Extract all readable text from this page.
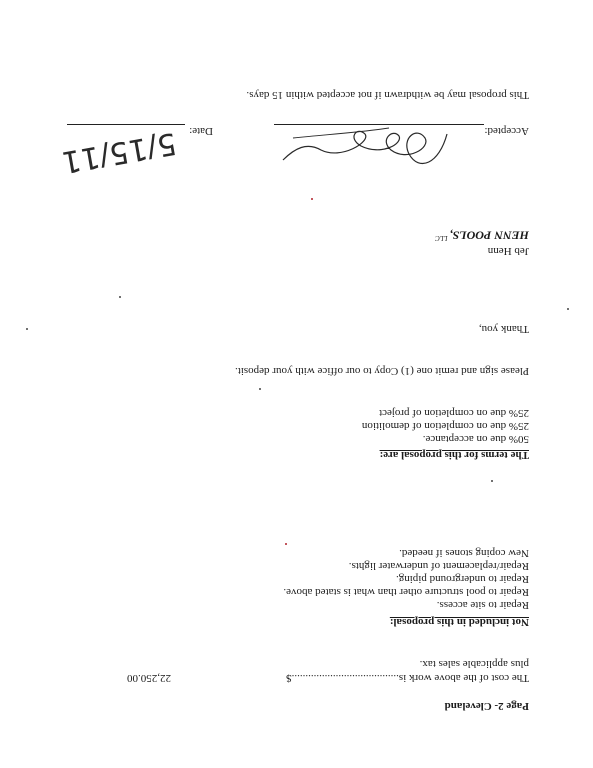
Page 2- Cleveland
The cost of the above work is.......................................$
22,250.00
plus applicable sales tax.
Not included in this proposal:
Repair to site access.
Repair to pool structure other than what is stated above.
Repair to underground piping.
Repair/replacement of underwater lights.
New coping stones if needed.
The terms for this proposal are:
50% due on acceptance.
25% due on completion of demolition
25% due on completion of project
Please sign and remit one (1) Copy to our office with your deposit.
Thank you,
Jeb Henn
HENN POOLS,$^{LLC}$
Accepted:
Date:
5/15/11
This proposal may be withdrawn if not accepted within 15 days.
